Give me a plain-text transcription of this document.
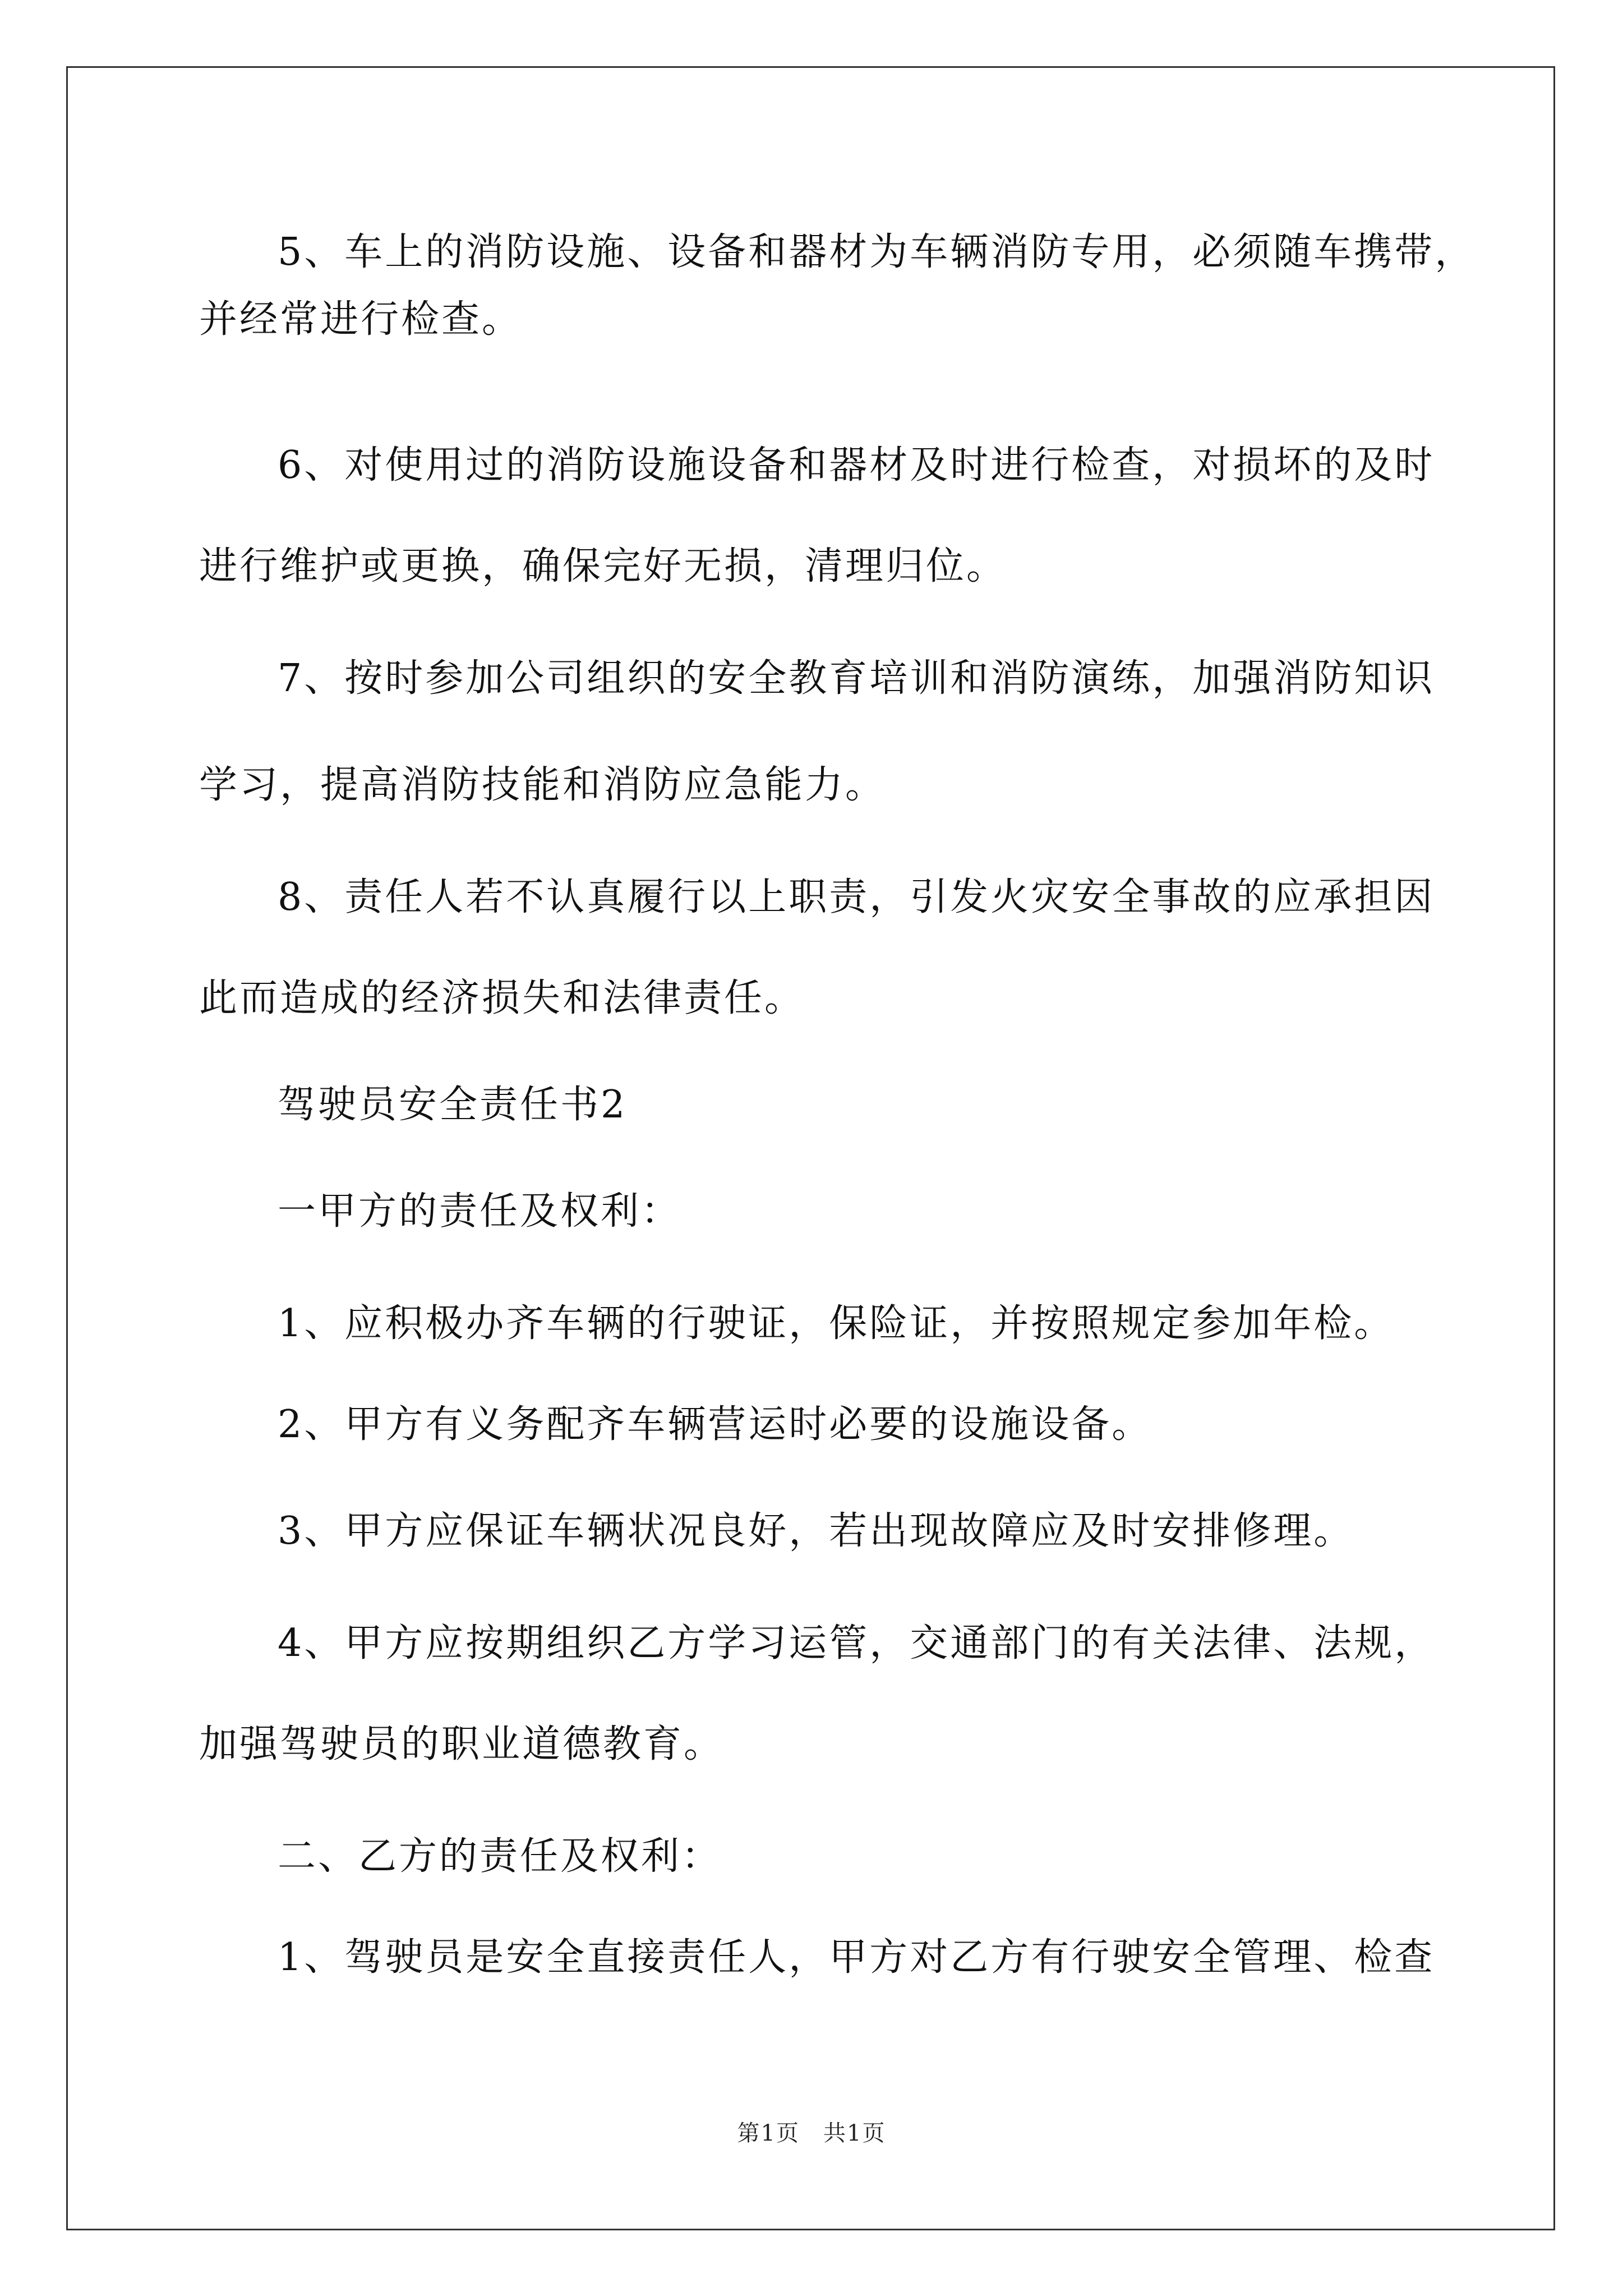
5、车上的消防设施、设备和器材为车辆消防专用，必须随车携带，
并经常进行检查。
6、对使用过的消防设施设备和器材及时进行检查，对损坏的及时
进行维护或更换，确保完好无损，清理归位。
7、按时参加公司组织的安全教育培训和消防演练，加强消防知识
学习，提高消防技能和消防应急能力。
8、责任人若不认真履行以上职责，引发火灾安全事故的应承担因
此而造成的经济损失和法律责任。
驾驶员安全责任书2
一甲方的责任及权利：
1、应积极办齐车辆的行驶证，保险证，并按照规定参加年检。
2、甲方有义务配齐车辆营运时必要的设施设备。
3、甲方应保证车辆状况良好，若出现故障应及时安排修理。
4、甲方应按期组织乙方学习运管，交通部门的有关法律、法规，
加强驾驶员的职业道德教育。
二、乙方的责任及权利：
1、驾驶员是安全直接责任人，甲方对乙方有行驶安全管理、检查
第1页　共1页
